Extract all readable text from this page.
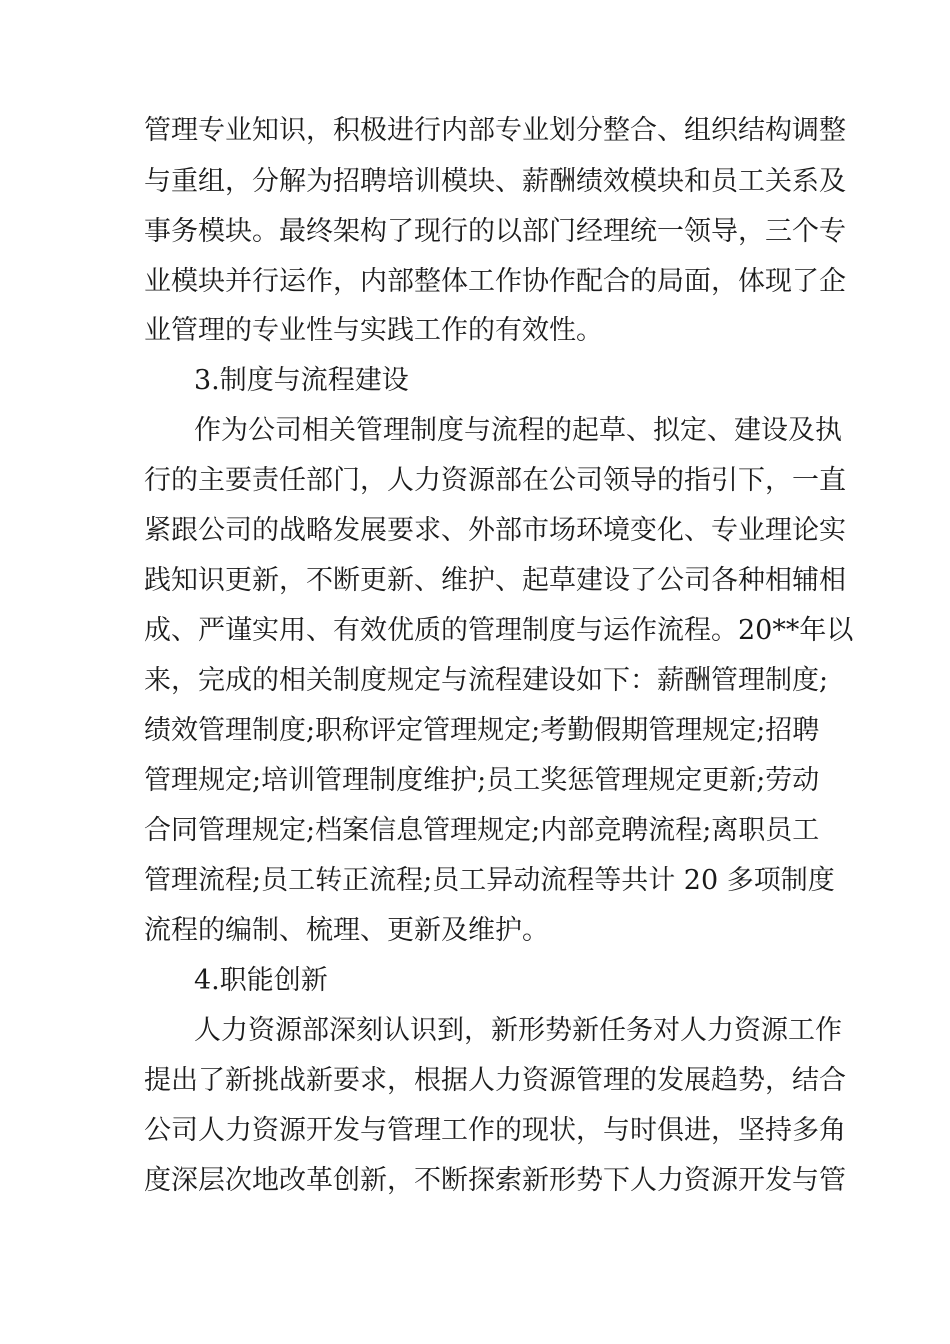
管理专业知识，积极进行内部专业划分整合、组织结构调整
与重组，分解为招聘培训模块、薪酬绩效模块和员工关系及
事务模块。最终架构了现行的以部门经理统一领导，三个专
业模块并行运作，内部整体工作协作配合的局面，体现了企
业管理的专业性与实践工作的有效性。
3.制度与流程建设
作为公司相关管理制度与流程的起草、拟定、建设及执
行的主要责任部门，人力资源部在公司领导的指引下，一直
紧跟公司的战略发展要求、外部市场环境变化、专业理论实
践知识更新，不断更新、维护、起草建设了公司各种相辅相
成、严谨实用、有效优质的管理制度与运作流程。20**年以
来，完成的相关制度规定与流程建设如下：薪酬管理制度;
绩效管理制度;职称评定管理规定;考勤假期管理规定;招聘
管理规定;培训管理制度维护;员工奖惩管理规定更新;劳动
合同管理规定;档案信息管理规定;内部竞聘流程;离职员工
管理流程;员工转正流程;员工异动流程等共计 20 多项制度
流程的编制、梳理、更新及维护。
4.职能创新
人力资源部深刻认识到，新形势新任务对人力资源工作
提出了新挑战新要求，根据人力资源管理的发展趋势，结合
公司人力资源开发与管理工作的现状，与时俱进，坚持多角
度深层次地改革创新，不断探索新形势下人力资源开发与管
